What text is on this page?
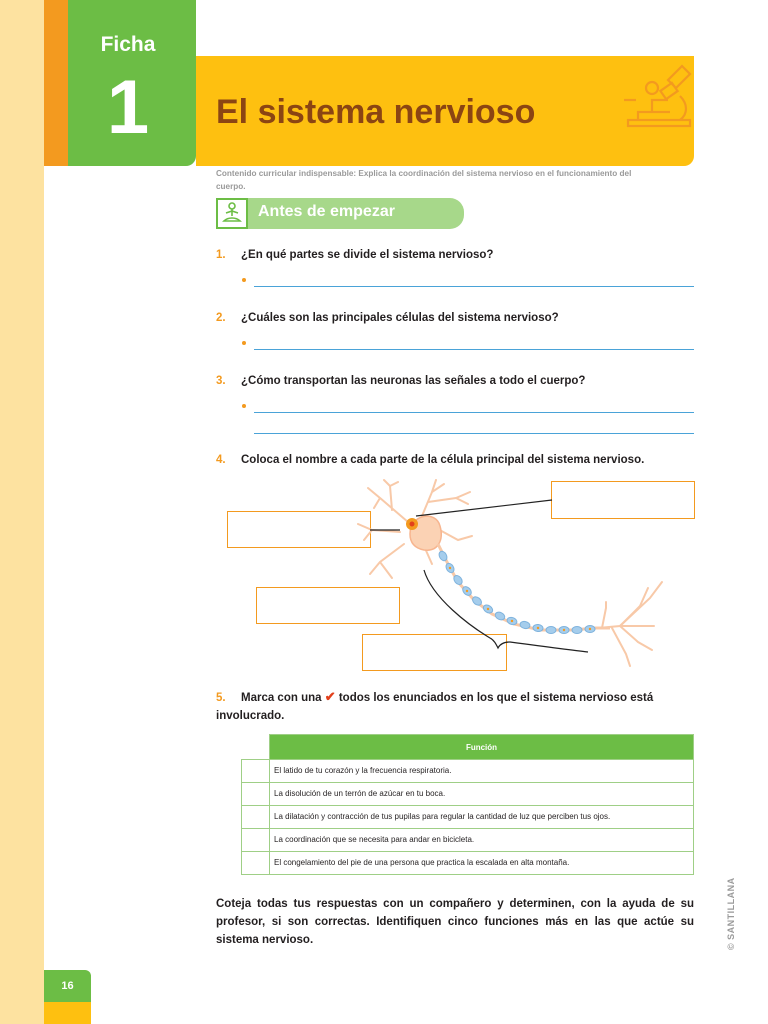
Ficha
1	El sistema nervioso
Contenido curricular indispensable: Explica la coordinación del sistema nervioso en el funcionamiento del cuerpo.
Antes de empezar
1. ¿En qué partes se divide el sistema nervioso?
2. ¿Cuáles son las principales células del sistema nervioso?
3. ¿Cómo transportan las neuronas las señales a todo el cuerpo?
4. Coloca el nombre a cada parte de la célula principal del sistema nervioso.
5. Marca con una ✔ todos los enunciados en los que el sistema nervioso está involucrado.
	Función
	El latido de tu corazón y la frecuencia respiratoria.
	La disolución de un terrón de azúcar en tu boca.
	La dilatación y contracción de tus pupilas para regular la cantidad de luz que perciben tus ojos.
	La coordinación que se necesita para andar en bicicleta.
	El congelamiento del pie de una persona que practica la escalada en alta montaña.
Coteja todas tus respuestas con un compañero y determinen, con la ayuda de su profesor, si son correctas. Identifiquen cinco funciones más en las que actúe su sistema nervioso.	© SANTILLANA
16
